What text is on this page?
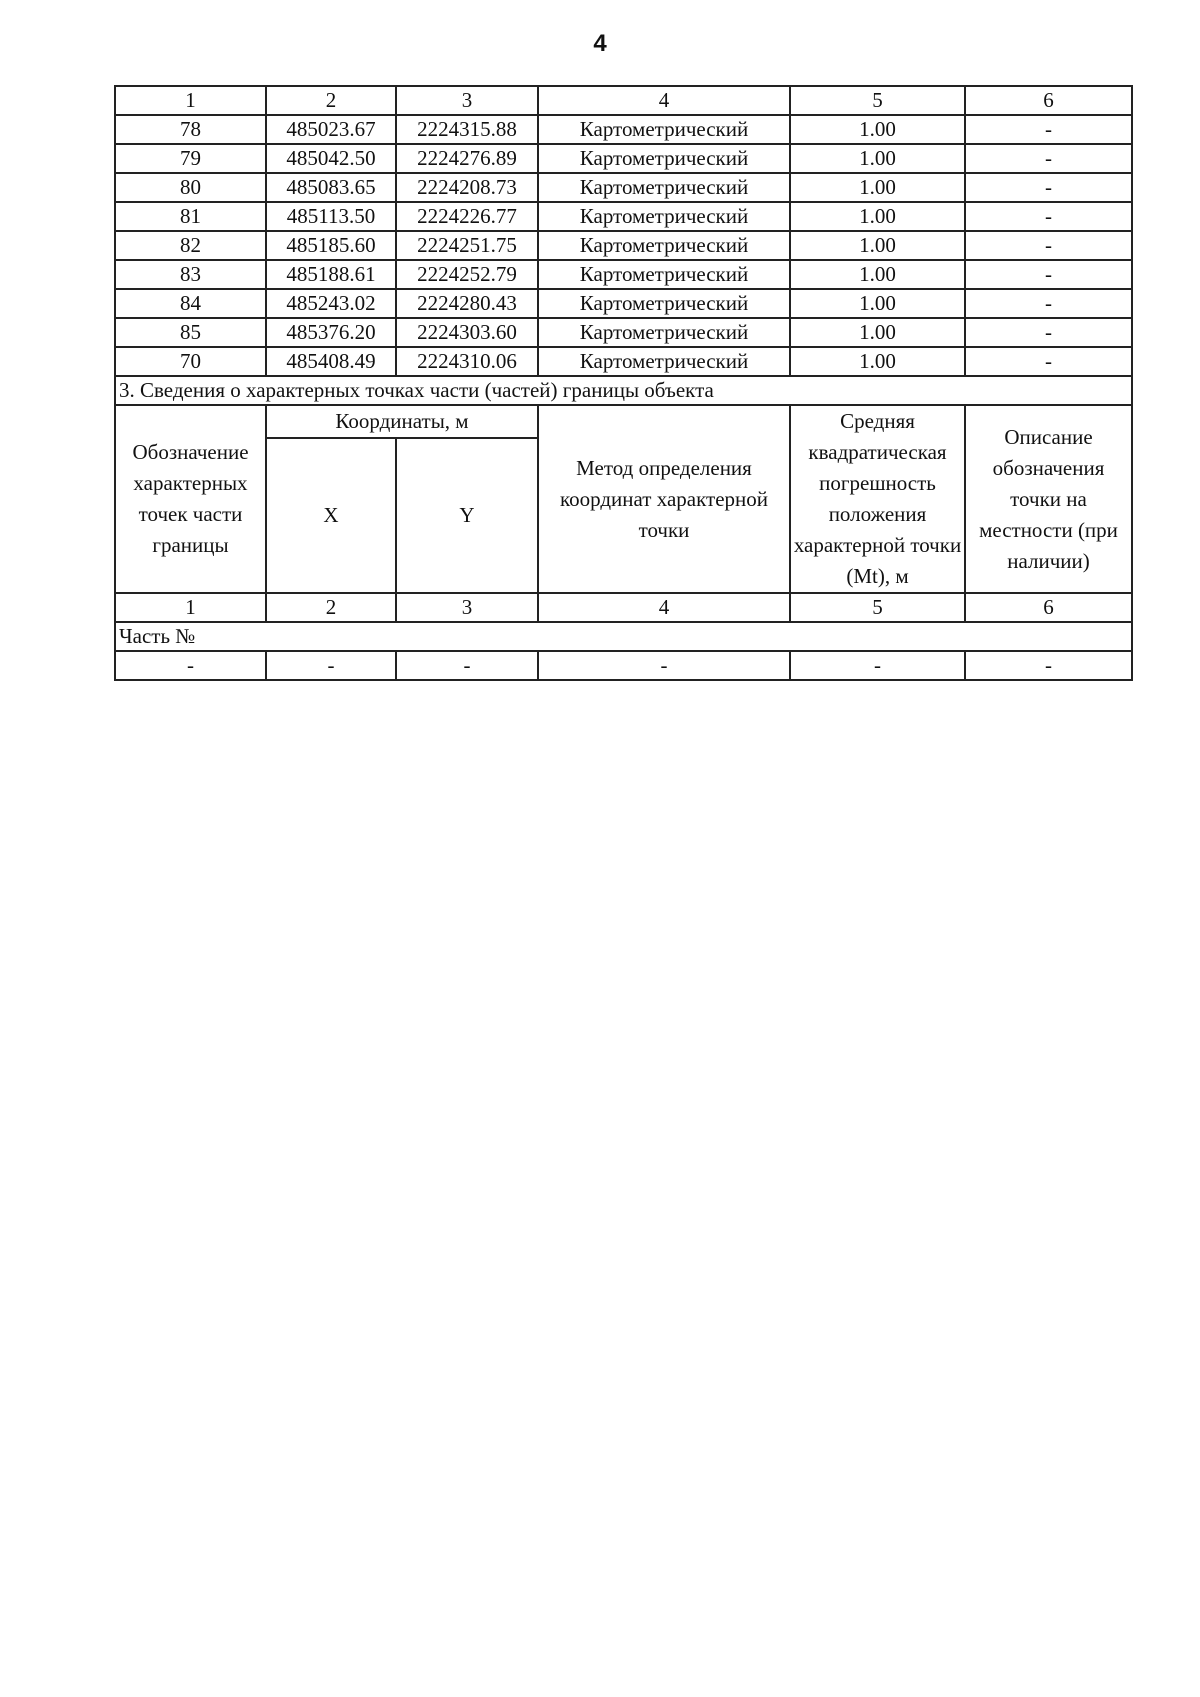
4
1	2	3	4	5	6
78	485023.67	2224315.88	Картометрический	1.00	-
79	485042.50	2224276.89	Картометрический	1.00	-
80	485083.65	2224208.73	Картометрический	1.00	-
81	485113.50	2224226.77	Картометрический	1.00	-
82	485185.60	2224251.75	Картометрический	1.00	-
83	485188.61	2224252.79	Картометрический	1.00	-
84	485243.02	2224280.43	Картометрический	1.00	-
85	485376.20	2224303.60	Картометрический	1.00	-
70	485408.49	2224310.06	Картометрический	1.00	-
3. Сведения о характерных точках части (частей) границы объекта					
Обозначение характерных точек части границы	Координаты, м		Метод определения координат характерной точки	Средняя квадратическая погрешность положения характерной точки (Mt), м	Описание обозначения точки на местности (при наличии)
	X	Y			
1	2	3	4	5	6
Часть №					
-	-	-	-	-	-
